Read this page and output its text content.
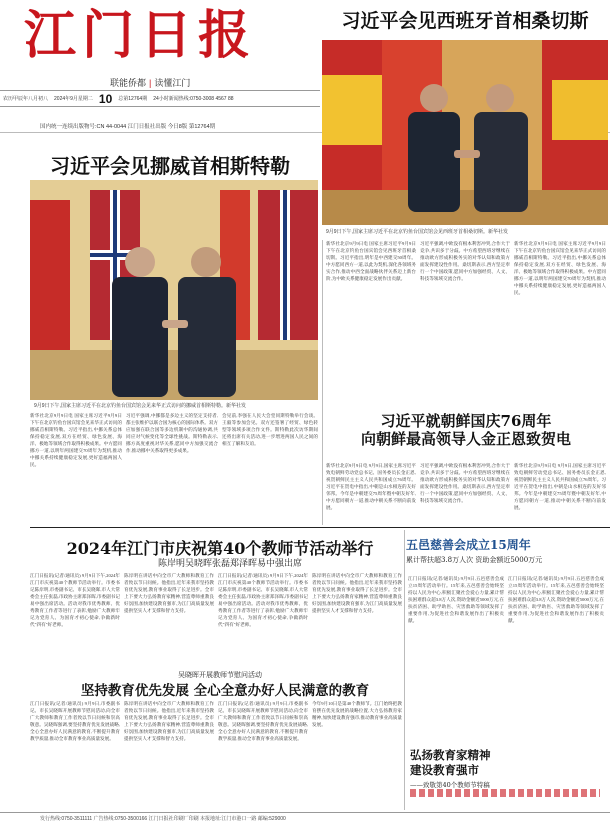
江门日报
联能侨都 | 读懂江门
农历甲辰年八月初八	2024年9月星期二 10	总第12764期	24小时新闻热线:0750-3008 4567 88
国内统一连续出版物号:CN 44-0044 江门日报社出版 今日8版 第12764期
习近平会见西班牙首相桑切斯
9月9日下午,国家主席习近平在北京钓鱼台国宾馆会见西班牙首相桑切斯。新华社发
习近平会见挪威首相斯特勒
9月9日下午,国家主席习近平在北京钓鱼台国宾馆会见来华正式访问的挪威首相斯特勒。新华社发
新华社北京9月9日电 国家主席习近平9月9日下午在北京钓鱼台国宾馆会见来华正式访问的挪威首相斯特勒。习近平指出,中挪关系总体保持稳定发展,双方在经贸、绿色发展、海洋、极地等领域合作取得积极成果。中方愿同挪方一道,以明年两国建交70周年为契机,推动中挪关系持续健康稳定发展,更好造福两国人民。
习近平强调,中挪都是多边主义的坚定支持者,都主张维护以联合国为核心的国际体系。双方应加强在联合国等多边机制中的沟通协调,共同应对气候变化等全球性挑战。斯特勒表示,挪方高度重视对华关系,愿同中方加强交流合作,推动挪中关系取得更多成果。
会见前,李强在人民大会堂同斯特勒举行会谈。王毅等参加会见。双方还签署了经贸、绿色转型等领域多项合作文件。斯特勒此次访华期间还将出席有关活动,进一步增进两国人民之间的相互了解和友谊。
新华社北京9月9日电 国家主席习近平9月9日下午在北京钓鱼台国宾馆会见西班牙首相桑切斯。习近平指出,明年是中西建交50周年。中方愿同西方一道,以此为契机,深化各领域务实合作,推动中西全面战略伙伴关系迈上新台阶,为中欧关系健康稳定发展作出贡献。
习近平强调,中欧没有根本利害冲突,合作大于竞争,共识多于分歧。中方希望西班牙继续在推动欧方形成积极务实的对华认知和政策方面发挥建设性作用。桑切斯表示,西方坚定奉行一个中国政策,愿同中方加强经贸、人文、科技等领域交流合作。
新华社北京9月9日电 国家主席习近平9月9日下午在北京钓鱼台国宾馆会见来华正式访问的挪威首相斯特勒。习近平指出,中挪关系总体保持稳定发展,双方在经贸、绿色发展、海洋、极地等领域合作取得积极成果。中方愿同挪方一道,以明年两国建交70周年为契机,推动中挪关系持续健康稳定发展,更好造福两国人民。
习近平就朝鲜国庆76周年
向朝鲜最高领导人金正恩致贺电
新华社北京9月9日电 9月9日,国家主席习近平致电朝鲜劳动党总书记、国务委员长金正恩,祝贺朝鲜民主主义人民共和国成立76周年。习近平在贺电中指出,中朝是山水相连的友好邻邦。今年是中朝建交75周年暨中朝友好年,中方愿同朝方一道,推动中朝关系不断向前发展。
习近平强调,中欧没有根本利害冲突,合作大于竞争,共识多于分歧。中方希望西班牙继续在推动欧方形成积极务实的对华认知和政策方面发挥建设性作用。桑切斯表示,西方坚定奉行一个中国政策,愿同中方加强经贸、人文、科技等领域交流合作。
新华社北京9月9日电 9月9日,国家主席习近平致电朝鲜劳动党总书记、国务委员长金正恩,祝贺朝鲜民主主义人民共和国成立76周年。习近平在贺电中指出,中朝是山水相连的友好邻邦。今年是中朝建交75周年暨中朝友好年,中方愿同朝方一道,推动中朝关系不断向前发展。
2024年江门市庆祝第40个教师节活动举行
陈岸明吴晓晖张磊郑泽晖易中强出席
江门日报讯(记者/通讯员) 9月9日下午,2024年江门市庆祝第40个教师节活动举行。市委书记陈岸明,市委副书记、市长吴晓晖,市人大常委会主任张磊,市政协主席郑泽晖,市委副书记易中强出席活动。活动对我市优秀教师、优秀教育工作者等进行了表彰,勉励广大教师牢记为党育人、为国育才初心使命,争做新时代"四有"好老师。
陈岸明在讲话中向全市广大教师和教育工作者致以节日问候。他指出,近年来我市坚持教育优先发展,教育事业取得了长足进步。全市上下要大力弘扬教育家精神,营造尊师重教良好氛围,加快建设教育强市,为江门高质量发展提供坚实人才支撑和智力支持。
江门日报讯(记者/通讯员) 9月9日下午,2024年江门市庆祝第40个教师节活动举行。市委书记陈岸明,市委副书记、市长吴晓晖,市人大常委会主任张磊,市政协主席郑泽晖,市委副书记易中强出席活动。活动对我市优秀教师、优秀教育工作者等进行了表彰,勉励广大教师牢记为党育人、为国育才初心使命,争做新时代"四有"好老师。
陈岸明在讲话中向全市广大教师和教育工作者致以节日问候。他指出,近年来我市坚持教育优先发展,教育事业取得了长足进步。全市上下要大力弘扬教育家精神,营造尊师重教良好氛围,加快建设教育强市,为江门高质量发展提供坚实人才支撑和智力支持。
五邑慈善会成立15周年
累计帮扶超3.8万人次 资助金额近5000万元
江门日报讯(记者/通讯员) 9月9日,五邑慈善会成立15周年活动举行。15年来,五邑慈善会始终坚持以人民为中心,积极汇聚社会爱心力量,累计帮扶困难群众超3.8万人次,资助金额近5000万元,在扶贫济困、助学助医、灾害救助等领域发挥了重要作用,为促进社会和谐发展作出了积极贡献。
江门日报讯(记者/通讯员) 9月9日,五邑慈善会成立15周年活动举行。15年来,五邑慈善会始终坚持以人民为中心,积极汇聚社会爱心力量,累计帮扶困难群众超3.8万人次,资助金额近5000万元,在扶贫济困、助学助医、灾害救助等领域发挥了重要作用,为促进社会和谐发展作出了积极贡献。
吴晓晖开展教师节慰问活动
坚持教育优先发展 全心全意办好人民满意的教育
江门日报讯(记者/通讯员) 9月9日,市委副书记、市长吴晓晖开展教师节慰问活动,向全市广大教师和教育工作者致以节日问候和崇高敬意。吴晓晖强调,要坚持教育优先发展战略,全心全意办好人民满意的教育,不断提升教育教学质量,推动全市教育事业高质量发展。
陈岸明在讲话中向全市广大教师和教育工作者致以节日问候。他指出,近年来我市坚持教育优先发展,教育事业取得了长足进步。全市上下要大力弘扬教育家精神,营造尊师重教良好氛围,加快建设教育强市,为江门高质量发展提供坚实人才支撑和智力支持。
江门日报讯(记者/通讯员) 9月9日,市委副书记、市长吴晓晖开展教师节慰问活动,向全市广大教师和教育工作者致以节日问候和崇高敬意。吴晓晖强调,要坚持教育优先发展战略,全心全意办好人民满意的教育,不断提升教育教学质量,推动全市教育事业高质量发展。
今年9月10日是第40个教师节。江门始终把教育摆在优先发展的战略位置,大力弘扬教育家精神,加快建设教育强市,推动教育事业高质量发展。
弘扬教育家精神
建设教育强市
——致敬第40个教师节特稿
发行热线:0750-3511111 广告热线:0750-3500166 江门日报社印刷厂印刷 本报地址:江门市港口一路 邮编:529000
